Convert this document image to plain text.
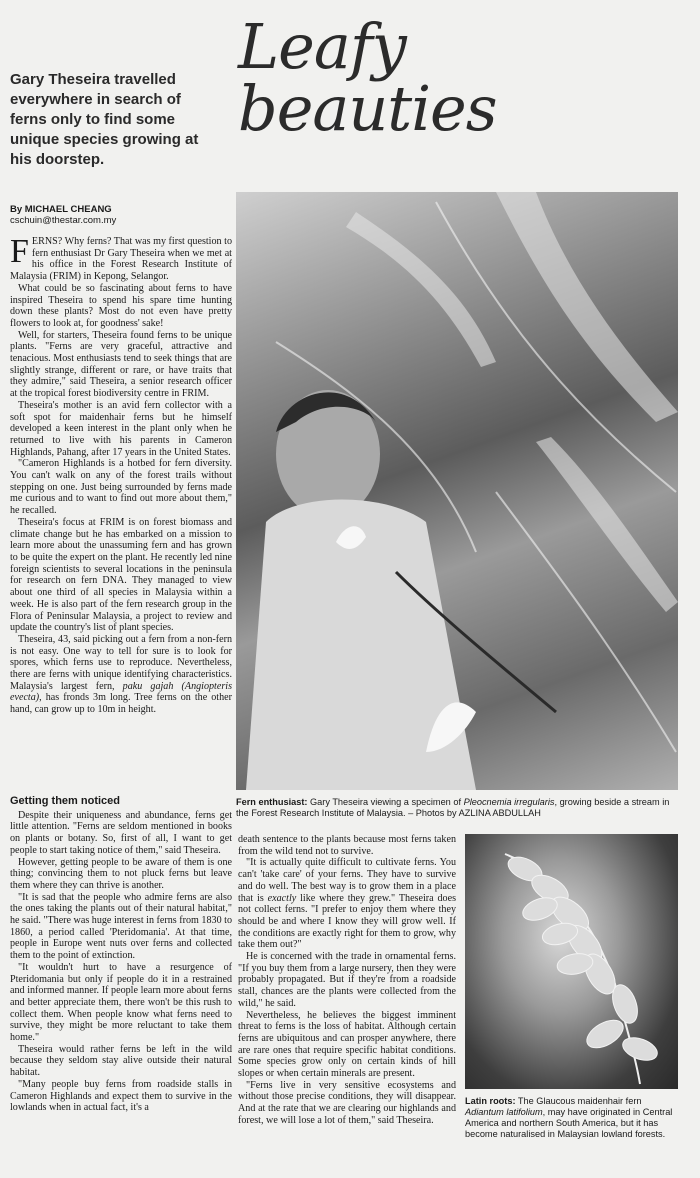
Leafy
beauties
Gary Theseira travelled everywhere in search of ferns only to find some unique species growing at his doorstep.
By MICHAEL CHEANG
cschuin@thestar.com.my

FERNS? Why ferns? That was my first question to fern enthusiast Dr Gary Theseira when we met at his office in the Forest Research Institute of Malaysia (FRIM) in Kepong, Selangor.

What could be so fascinating about ferns to have inspired Theseira to spend his spare time hunting down these plants? Most do not even have pretty flowers to look at, for goodness' sake!

Well, for starters, Theseira found ferns to be unique plants. "Ferns are very graceful, attractive and tenacious. Most enthusiasts tend to seek things that are slightly strange, different or rare, or have traits that they admire," said Theseira, a senior research officer at the tropical forest biodiversity centre in FRIM.

Theseira's mother is an avid fern collector with a soft spot for maidenhair ferns but he himself developed a keen interest in the plant only when he returned to live with his parents in Cameron Highlands, Pahang, after 17 years in the United States.

"Cameron Highlands is a hotbed for fern diversity. You can't walk on any of the forest trails without stepping on one. Just being surrounded by ferns made me curious and to want to find out more about them," he recalled.

Theseira's focus at FRIM is on forest biomass and climate change but he has embarked on a mission to learn more about the unassuming fern and has grown to be quite the expert on the plant. He recently led nine foreign scientists to several locations in the peninsula for research on fern DNA. They managed to view about one third of all species in Malaysia within a week. He is also part of the fern research group in the Flora of Peninsular Malaysia, a project to review and update the country's list of plant species.

Theseira, 43, said picking out a fern from a non-fern is not easy. One way to tell for sure is to look for spores, which ferns use to reproduce. Nevertheless, there are ferns with unique identifying characteristics. Malaysia's largest fern, paku gajah (Angiopteris evecta), has fronds 3m long. Tree ferns on the other hand, can grow up to 10m in height.

Getting them noticed

Despite their uniqueness and abundance, ferns get little attention. "Ferns are seldom mentioned in books on plants or botany. So, first of all, I want to get people to start taking notice of them," said Theseira.

However, getting people to be aware of them is one thing; convincing them to not pluck ferns but leave them where they can thrive is another.

"It is sad that the people who admire ferns are also the ones taking the plants out of their natural habitat," he said. "There was huge interest in ferns from 1830 to 1860, a period called 'Pteridomania'. At that time, people in Europe went nuts over ferns and collected them to the point of extinction.

"It wouldn't hurt to have a resurgence of Pteridomania but only if people do it in a restrained and informed manner. If people learn more about ferns and better appreciate them, there won't be this rush to collect them. When people know what ferns need to survive, they might be more reluctant to take them home."

Theseira would rather ferns be left in the wild because they seldom stay alive outside their natural habitat.

"Many people buy ferns from roadside stalls in Cameron Highlands and expect them to survive in the lowlands when in actual fact, it's a

death sentence to the plants because most ferns taken from the wild tend not to survive.

"It is actually quite difficult to cultivate ferns. You can't 'take care' of your ferns. They have to survive and do well. The best way is to grow them in a place that is exactly like where they grew." Theseira does not collect ferns. "I prefer to enjoy them where they should be and where I know they will grow well. If the conditions are exactly right for them to grow, why take them out?"

He is concerned with the trade in ornamental ferns. "If you buy them from a large nursery, then they were probably propagated. But if they're from a roadside stall, chances are the plants were collected from the wild," he said.

Nevertheless, he believes the biggest imminent threat to ferns is the loss of habitat. Although certain ferns are ubiquitous and can prosper anywhere, there are rare ones that require specific habitat conditions. Some species grow only on certain kinds of hill slopes or when certain minerals are present.

"Ferns live in very sensitive ecosystems and without those precise conditions, they will disappear. And at the rate that we are clearing our highlands and forest, we will lose a lot of them," said Theseira.

Fern enthusiast: Gary Theseira viewing a specimen of Pleocnemia irregularis, growing beside a stream in the Forest Research Institute of Malaysia. – Photos by AZLINA ABDULLAH
Latin roots: The Glaucous maidenhair fern Adiantum latifolium, may have originated in Central America and northern South America, but it has become naturalised in Malaysian lowland forests.
